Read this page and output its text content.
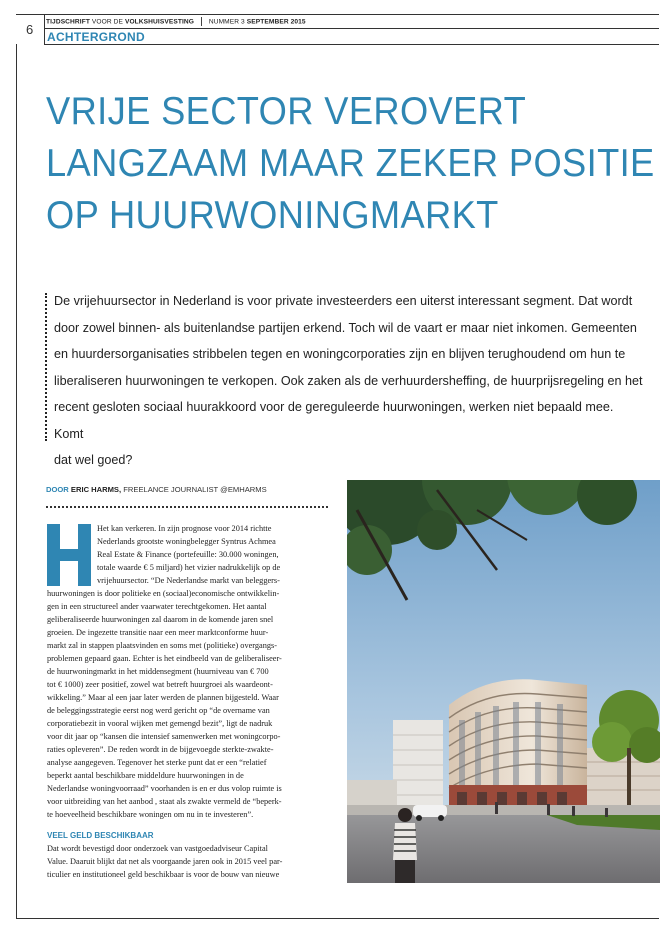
6
TIJDSCHRIFT VOOR DE VOLKSHUISVESTING NUMMER 3 SEPTEMBER 2015
ACHTERGROND
VRIJE SECTOR VEROVERT
LANGZAAM MAAR ZEKER POSITIE
OP HUURWONINGMARKT

De vrijehuursector in Nederland is voor private investeerders een uiterst interessant segment. Dat wordt
door zowel binnen- als buitenlandse partijen erkend. Toch wil de vaart er maar niet inkomen. Gemeenten
en huurdersorganisaties stribbelen tegen en woningcorporaties zijn en blijven terughoudend om hun te
liberaliseren huurwoningen te verkopen. Ook zaken als de verhuurdersheffing, de huurprijsregeling en het
recent gesloten sociaal huurakkoord voor de gereguleerde huurwoningen, werken niet bepaald mee. Komt
dat wel goed?

DOOR ERIC HARMS, FREELANCE JOURNALIST @EMHARMS
Het kan verkeren. In zijn prognose voor 2014 richtte
Nederlands grootste woningbelegger Syntrus Achmea
Real Estate & Finance (portefeuille: 30.000 woningen,
totale waarde € 5 miljard) het vizier nadrukkelijk op de
vrijehuursector. “De Nederlandse markt van beleggers-
huurwoningen is door politieke en (sociaal)economische ontwikkelin-
gen in een structureel ander vaarwater terechtgekomen. Het aantal
geliberaliseerde huurwoningen zal daarom in de komende jaren snel
groeien. De ingezette transitie naar een meer marktconforme huur-
markt zal in stappen plaatsvinden en soms met (politieke) overgangs-
problemen gepaard gaan. Echter is het eindbeeld van de geliberaliseer-
de huurwoningmarkt in het middensegment (huurniveau van € 700
tot € 1000) zeer positief, zowel wat betreft huurgroei als waardeont-
wikkeling.” Maar al een jaar later werden de plannen bijgesteld. Waar
de beleggingsstrategie eerst nog werd gericht op “de overname van
corporatiebezit in vooral wijken met gemengd bezit”, ligt de nadruk
voor dit jaar op “kansen die intensief samenwerken met woningcorpo-
raties opleveren”. De reden wordt in de bijgevoegde sterkte-zwakte-
analyse aangegeven. Tegenover het sterke punt dat er een “relatief
beperkt aantal beschikbare middeldure huurwoningen in de
Nederlandse woningvoorraad” voorhanden is en er dus volop ruimte is
voor uitbreiding van het aanbod , staat als zwakte vermeld de “beperk-
te hoeveelheid beschikbare woningen om nu in te investeren”.
VEEL GELD BESCHIKBAAR
Dat wordt bevestigd door onderzoek van vastgoedadviseur Capital
Value. Daaruit blijkt dat net als voorgaande jaren ook in 2015 veel par-
ticulier en institutioneel geld beschikbaar is voor de bouw van nieuwe
